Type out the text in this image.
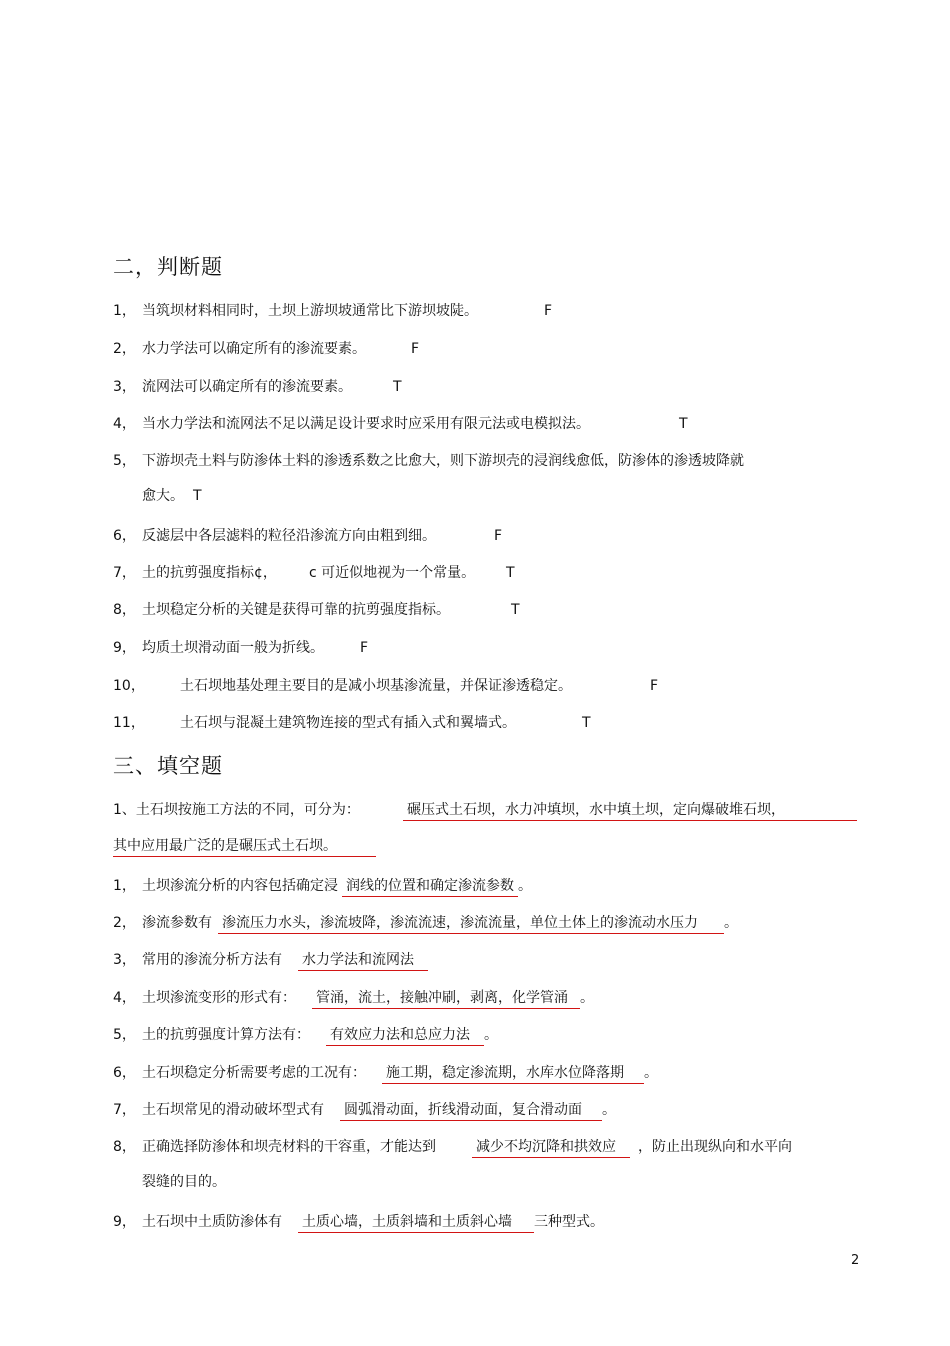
二，判断题
1， 当筑坝材料相同时，土坝上游坝坡通常比下游坝坡陡。	F
2， 水力学法可以确定所有的渗流要素。	F
3， 流网法可以确定所有的渗流要素。	T
4， 当水力学法和流网法不足以满足设计要求时应采用有限元法或电模拟法。	T
5， 下游坝壳土料与防渗体土料的渗透系数之比愈大，则下游坝壳的浸润线愈低，防渗体的渗透坡降就
愈大。 T
6， 反滤层中各层滤料的粒径沿渗流方向由粗到细。	F
7， 土的抗剪强度指标¢， c 可近似地视为一个常量。 T
8， 土坝稳定分析的关键是获得可靠的抗剪强度指标。	T
9， 均质土坝滑动面一般为折线。	F
10，	土石坝地基处理主要目的是减小坝基渗流量，并保证渗透稳定。	F
11，	土石坝与混凝土建筑物连接的型式有插入式和翼墙式。	T
三、填空题
1、土石坝按施工方法的不同，可分为：	碾压式土石坝，水力冲填坝，水中填土坝，定向爆破堆石坝，
其中应用最广泛的是碾压式土石坝。
1， 土坝渗流分析的内容包括确定浸 润线的位置和确定渗流参数 。
2， 渗流参数有 渗流压力水头，渗流坡降，渗流流速，渗流流量，单位土体上的渗流动水压力 。
3， 常用的渗流分析方法有 水力学法和流网法
4， 土坝渗流变形的形式有： 管涌，流土，接触冲刷，剥离，化学管涌 。
5， 土的抗剪强度计算方法有： 有效应力法和总应力法 。
6， 土石坝稳定分析需要考虑的工况有： 施工期，稳定渗流期，水库水位降落期 。
7， 土石坝常见的滑动破坏型式有 圆弧滑动面，折线滑动面，复合滑动面 。
8， 正确选择防渗体和坝壳材料的干容重，才能达到	减少不均沉降和拱效应 ，防止出现纵向和水平向
裂缝的目的。
9， 土石坝中土质防渗体有 土质心墙，土质斜墙和土质斜心墙 三种型式。
2
